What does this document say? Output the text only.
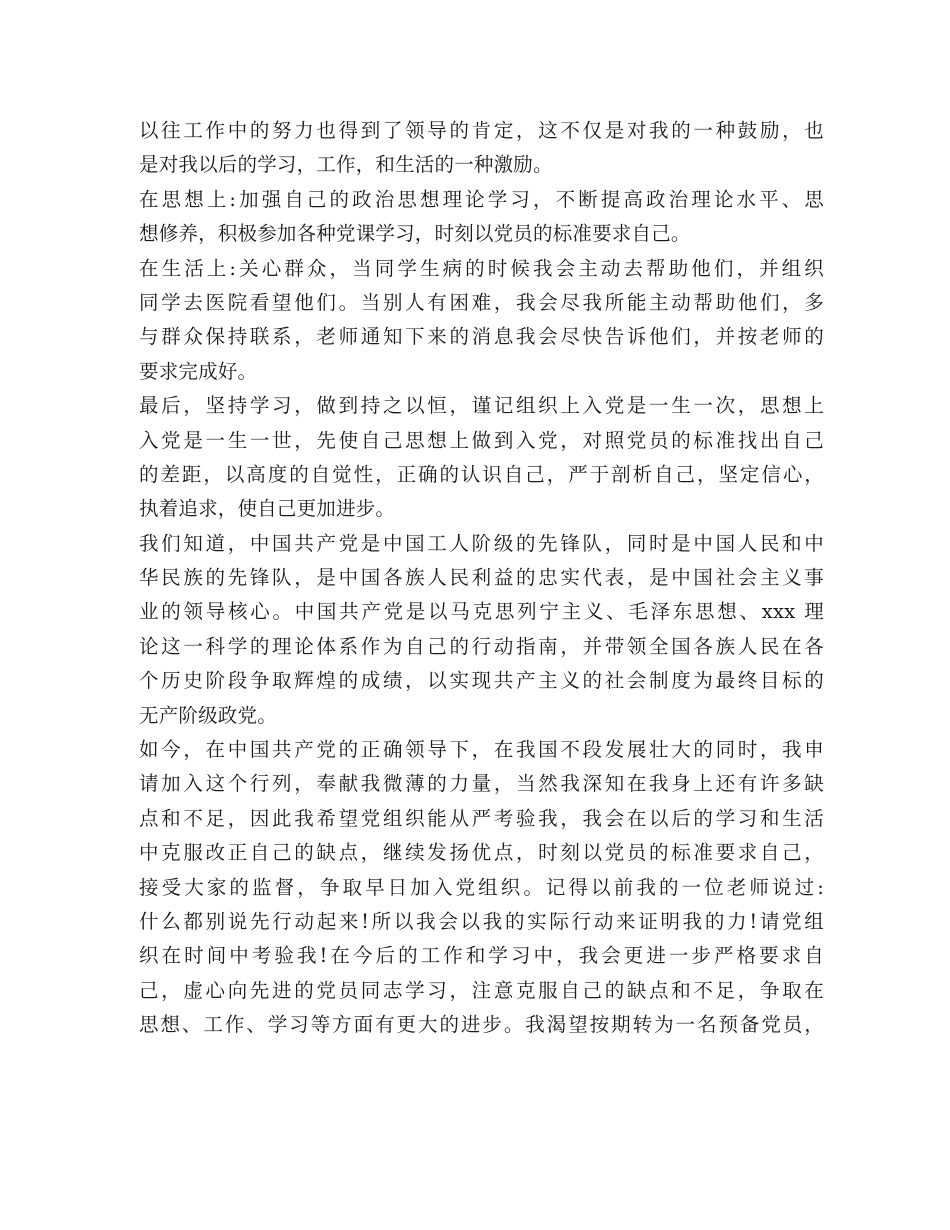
以往工作中的努力也得到了领导的肯定，这不仅是对我的一种鼓励，也
是对我以后的学习，工作，和生活的一种激励。
在思想上:加强自己的政治思想理论学习，不断提高政治理论水平、思
想修养，积极参加各种党课学习，时刻以党员的标准要求自己。
在生活上:关心群众，当同学生病的时候我会主动去帮助他们，并组织
同学去医院看望他们。当别人有困难，我会尽我所能主动帮助他们，多
与群众保持联系，老师通知下来的消息我会尽快告诉他们，并按老师的
要求完成好。
最后，坚持学习，做到持之以恒，谨记组织上入党是一生一次，思想上
入党是一生一世，先使自己思想上做到入党，对照党员的标准找出自己
的差距，以高度的自觉性，正确的认识自己，严于剖析自己，坚定信心，
执着追求，使自己更加进步。
我们知道，中国共产党是中国工人阶级的先锋队，同时是中国人民和中
华民族的先锋队，是中国各族人民利益的忠实代表，是中国社会主义事
业的领导核心。中国共产党是以马克思列宁主义、毛泽东思想、xxx 理
论这一科学的理论体系作为自己的行动指南，并带领全国各族人民在各
个历史阶段争取辉煌的成绩，以实现共产主义的社会制度为最终目标的
无产阶级政党。
如今，在中国共产党的正确领导下，在我国不段发展壮大的同时，我申
请加入这个行列，奉献我微薄的力量，当然我深知在我身上还有许多缺
点和不足，因此我希望党组织能从严考验我，我会在以后的学习和生活
中克服改正自己的缺点，继续发扬优点，时刻以党员的标准要求自己，
接受大家的监督，争取早日加入党组织。记得以前我的一位老师说过:
什么都别说先行动起来!所以我会以我的实际行动来证明我的力!请党组
织在时间中考验我!在今后的工作和学习中，我会更进一步严格要求自
己，虚心向先进的党员同志学习，注意克服自己的缺点和不足，争取在
思想、工作、学习等方面有更大的进步。我渴望按期转为一名预备党员，
